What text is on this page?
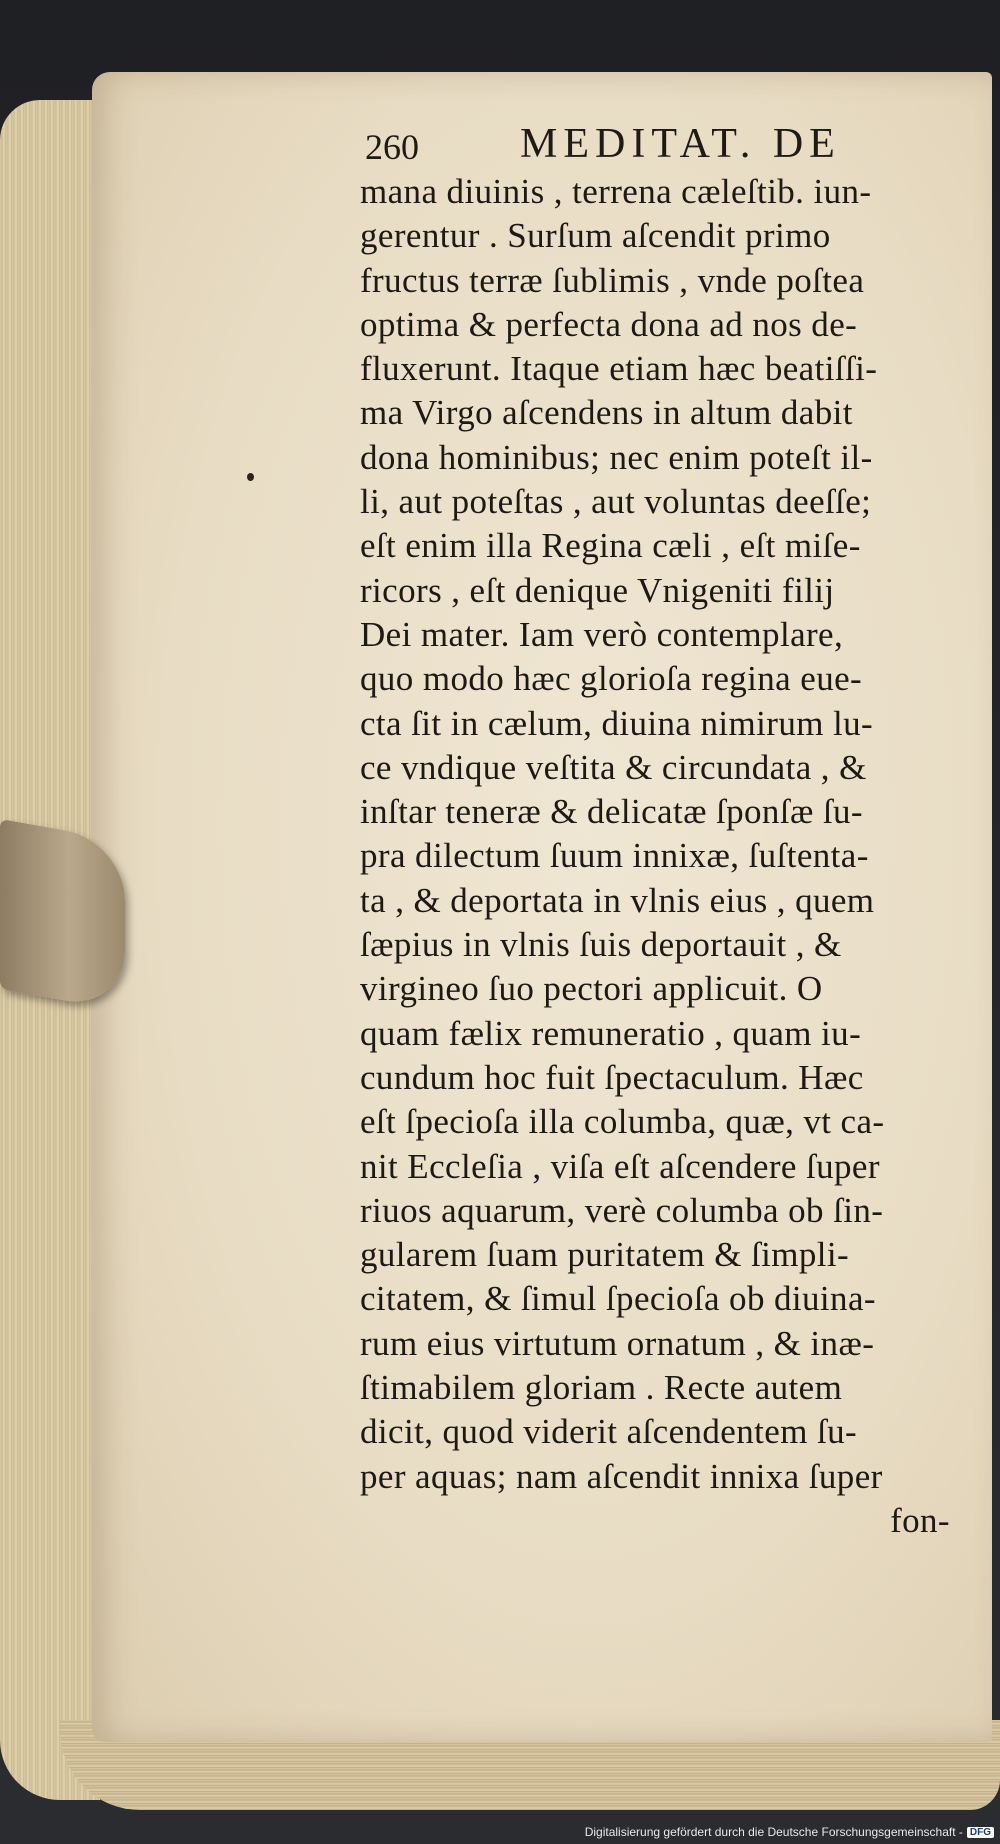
260 MEDITAT. DE
mana diuinis , terrena cæleſtib. iun-
gerentur . Surſum aſcendit primo
fructus terræ ſublimis , vnde poſtea
optima & perfecta dona ad nos de-
fluxerunt. Itaque etiam hæc beatiſſi-
ma Virgo aſcendens in altum dabit
dona hominibus; nec enim poteſt il-
li, aut poteſtas , aut voluntas deeſſe;
eſt enim illa Regina cæli , eſt miſe-
ricors , eſt denique Vnigeniti filij
Dei mater. Iam verò contemplare,
quo modo hæc glorioſa regina eue-
cta ſit in cælum, diuina nimirum lu-
ce vndique veſtita & circundata , &
inſtar teneræ & delicatæ ſponſæ ſu-
pra dilectum ſuum innixæ, ſuſtenta-
ta , & deportata in vlnis eius , quem
ſæpius in vlnis ſuis deportauit , &
virgineo ſuo pectori applicuit. O
quam fælix remuneratio , quam iu-
cundum hoc fuit ſpectaculum. Hæc
eſt ſpecioſa illa columba, quæ, vt ca-
nit Eccleſia , viſa eſt aſcendere ſuper
riuos aquarum, verè columba ob ſin-
gularem ſuam puritatem & ſimpli-
citatem, & ſimul ſpecioſa ob diuina-
rum eius virtutum ornatum , & inæ-
ſtimabilem gloriam . Recte autem
dicit, quod viderit aſcendentem ſu-
per aquas; nam aſcendit innixa ſuper
fon-
Digitalisierung gefördert durch die Deutsche Forschungsgemeinschaft - DFG
